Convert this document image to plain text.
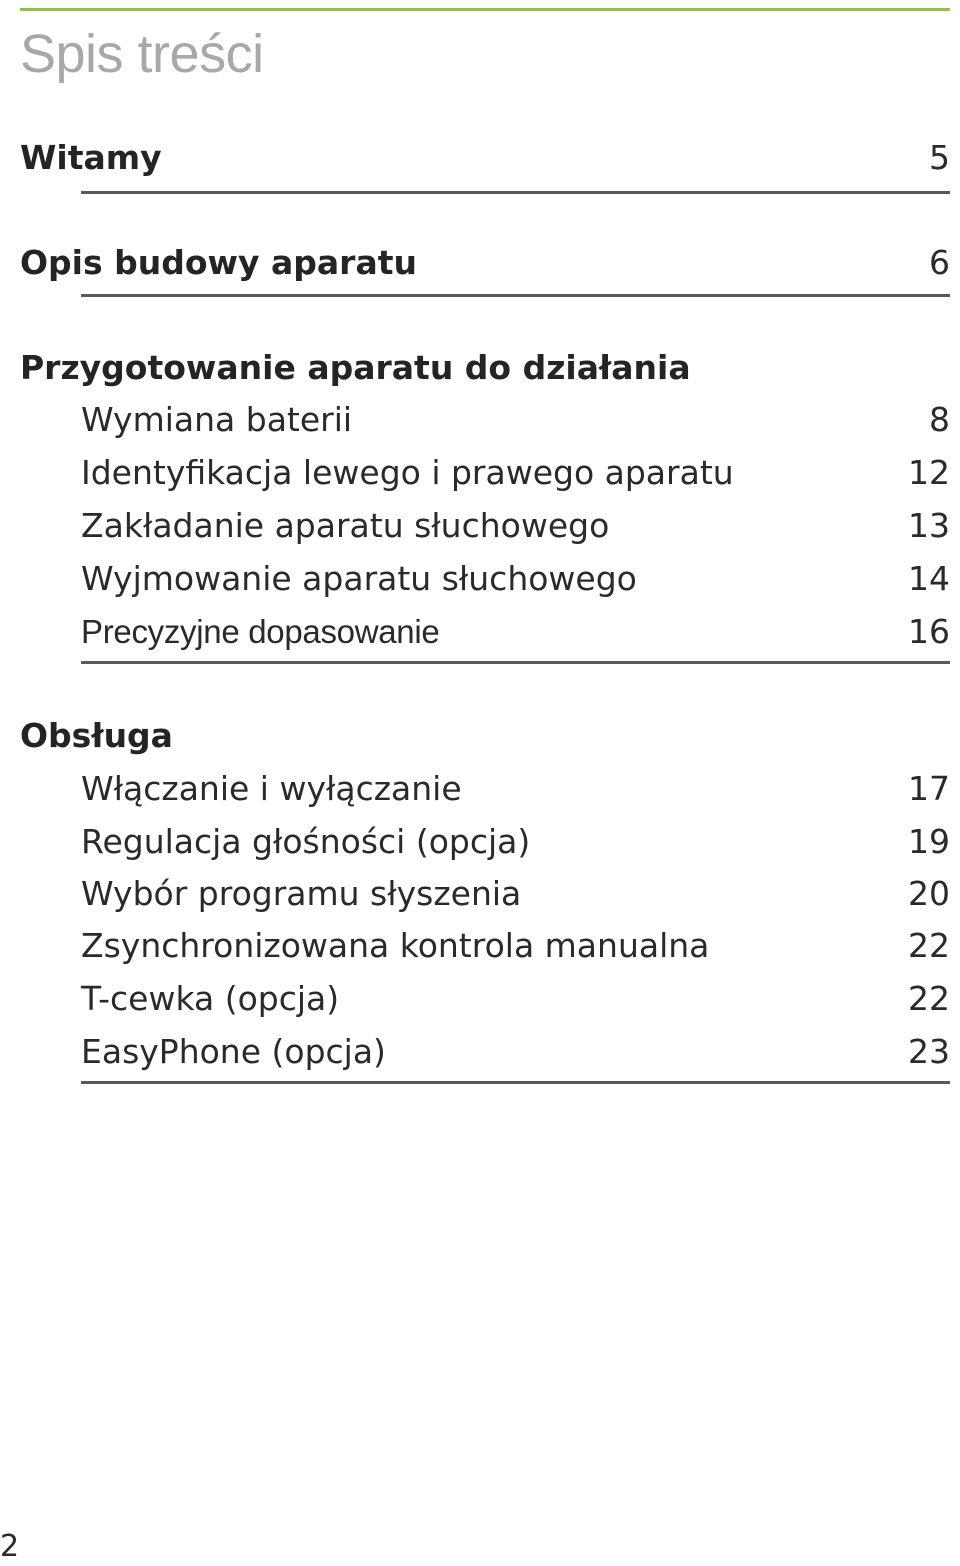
Spis treści
Witamy	5
Opis budowy aparatu	6
Przygotowanie aparatu do działania
Wymiana baterii	8
Identyfikacja lewego i prawego aparatu	12
Zakładanie aparatu słuchowego	13
Wyjmowanie aparatu słuchowego	14
Precyzyjne dopasowanie	16
Obsługa
Włączanie i wyłączanie	17
Regulacja głośności (opcja)	19
Wybór programu słyszenia	20
Zsynchronizowana kontrola manualna	22
T-cewka (opcja)	22
EasyPhone (opcja)	23
2
